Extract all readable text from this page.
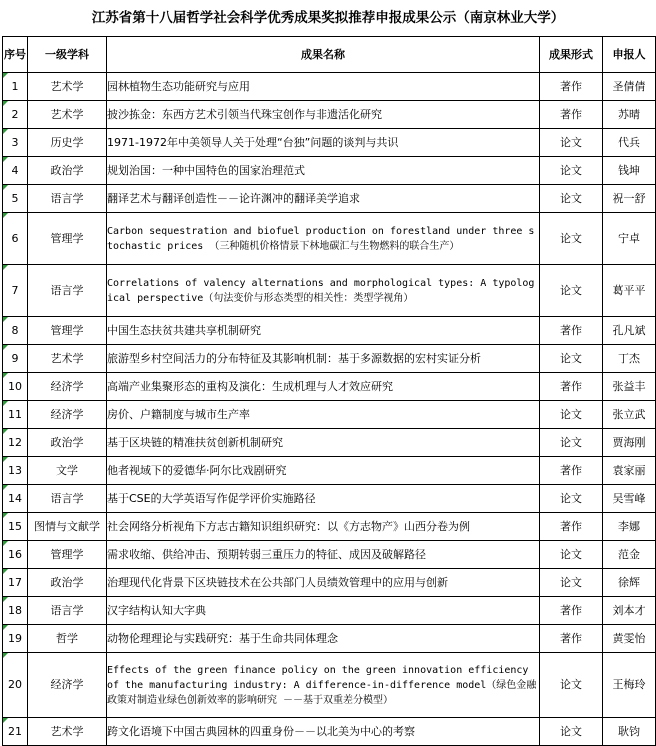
江苏省第十八届哲学社会科学优秀成果奖拟推荐申报成果公示（南京林业大学）
序号	一级学科	成果名称	成果形式	申报人
1	艺术学	园林植物生态功能研究与应用	著作	圣倩倩
2	艺术学	披沙拣金：东西方艺术引领当代珠宝创作与非遗活化研究	著作	苏晴
3	历史学	1971-1972年中美领导人关于处理“台独”问题的谈判与共识	论文	代兵
4	政治学	规划治国：一种中国特色的国家治理范式	论文	钱坤
5	语言学	翻译艺术与翻译创造性－－论许渊冲的翻译美学追求	论文	祝一舒
6	管理学	Carbon sequestration and biofuel production on forestland under three stochastic prices （三种随机价格情景下林地碳汇与生物燃料的联合生产）	论文	宁卓
7	语言学	Correlations of valency alternations and morphological types: A typological perspective（句法变价与形态类型的相关性：类型学视角）	论文	葛平平
8	管理学	中国生态扶贫共建共享机制研究	著作	孔凡斌
9	艺术学	旅游型乡村空间活力的分布特征及其影响机制：基于多源数据的宏村实证分析	论文	丁杰
10	经济学	高端产业集聚形态的重构及演化：生成机理与人才效应研究	著作	张益丰
11	经济学	房价、户籍制度与城市生产率	论文	张立武
12	政治学	基于区块链的精准扶贫创新机制研究	论文	贾海刚
13	文学	他者视域下的爱德华·阿尔比戏剧研究	著作	袁家丽
14	语言学	基于CSE的大学英语写作促学评价实施路径	论文	吴雪峰
15	图情与文献学	社会网络分析视角下方志古籍知识组织研究：以《方志物产》山西分卷为例	著作	李娜
16	管理学	需求收缩、供给冲击、预期转弱三重压力的特征、成因及破解路径	论文	范金
17	政治学	治理现代化背景下区块链技术在公共部门人员绩效管理中的应用与创新	论文	徐辉
18	语言学	汉字结构认知大字典	著作	刘本才
19	哲学	动物伦理理论与实践研究：基于生命共同体理念	著作	黄雯怡
20	经济学	Effects of the green finance policy on the green innovation efficiency of the manufacturing industry: A difference-in-difference model（绿色金融政策对制造业绿色创新效率的影响研究 －－基于双重差分模型）	论文	王梅玲
21	艺术学	跨文化语境下中国古典园林的四重身份－－以北美为中心的考察	论文	耿钧
